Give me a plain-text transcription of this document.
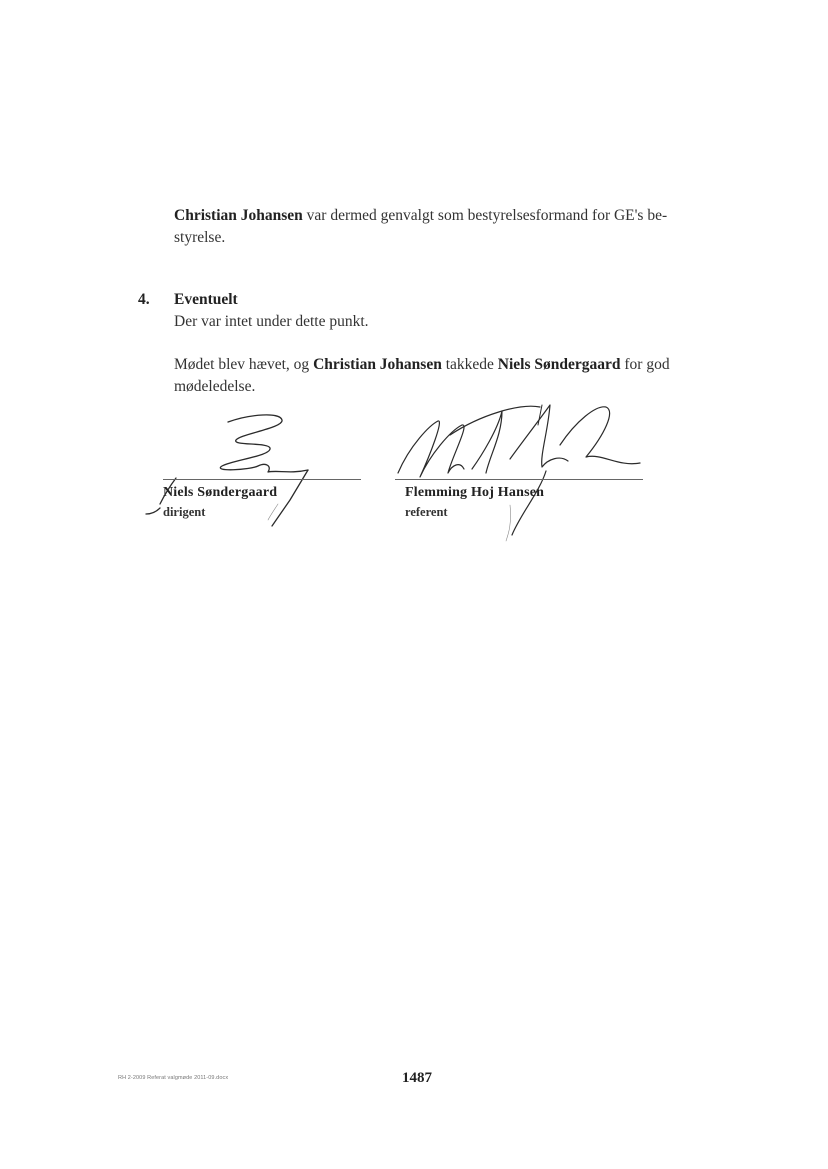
Christian Johansen var dermed genvalgt som bestyrelsesformand for GE's be-
styrelse.
4. Eventuelt
Der var intet under dette punkt.
Mødet blev hævet, og Christian Johansen takkede Niels Søndergaard for god
mødeledelse.
Niels Søndergaard
dirigent
Flemming Hoj Hansen
referent
RH 2-2009 Referat valgmøde 2011-09.docx	1487
